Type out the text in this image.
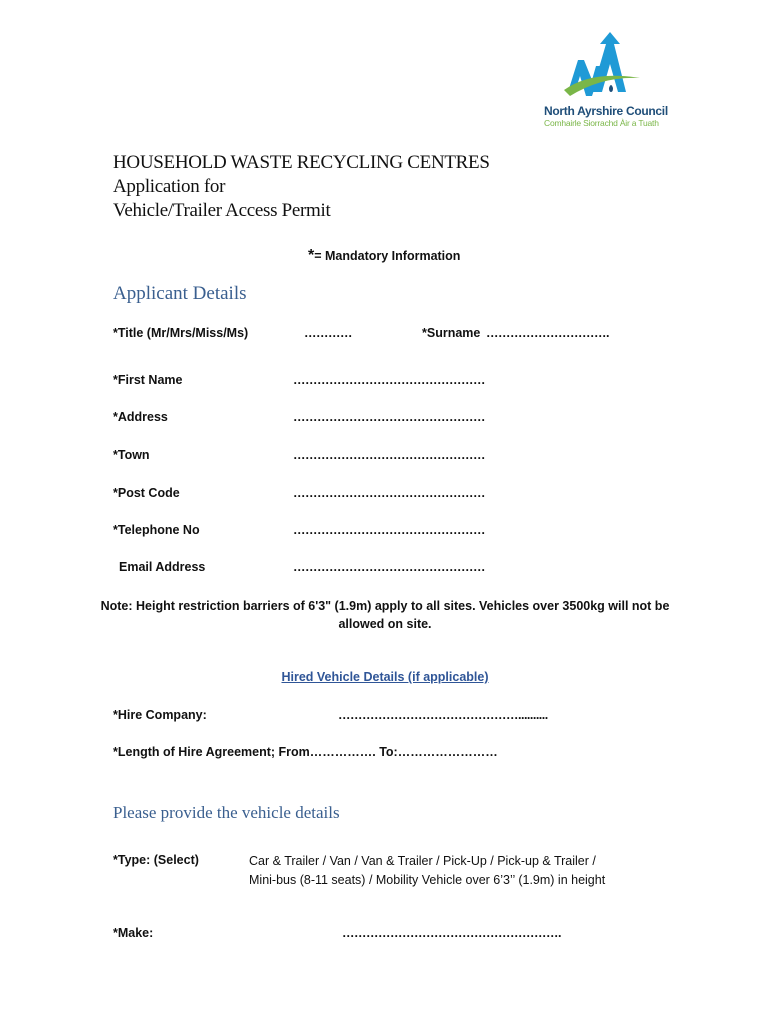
North Ayrshire Council
Comhairle Siorrachd Àir a Tuath
HOUSEHOLD WASTE RECYCLING CENTRES
Application for
Vehicle/Trailer Access Permit
*= Mandatory Information
Applicant Details
*Title (Mr/Mrs/Miss/Ms)	…………	*Surname ………………………….
*First Name	…………………………………………
*Address	…………………………………………
*Town	…………………………………………
*Post Code	…………………………………………
*Telephone No	…………………………………………
Email Address	…………………………………………
Note: Height restriction barriers of 6'3" (1.9m) apply to all sites. Vehicles over 3500kg will not be allowed on site.
Hired Vehicle Details (if applicable)
*Hire Company:	………………………………………..........
*Length of Hire Agreement; From……………. To:……………………
Please provide the vehicle details
*Type: (Select)	Car & Trailer / Van / Van & Trailer / Pick-Up / Pick-up & Trailer / Mini-bus (8-11 seats) / Mobility Vehicle over 6’3’’ (1.9m) in height
*Make:	……………………………………………….
